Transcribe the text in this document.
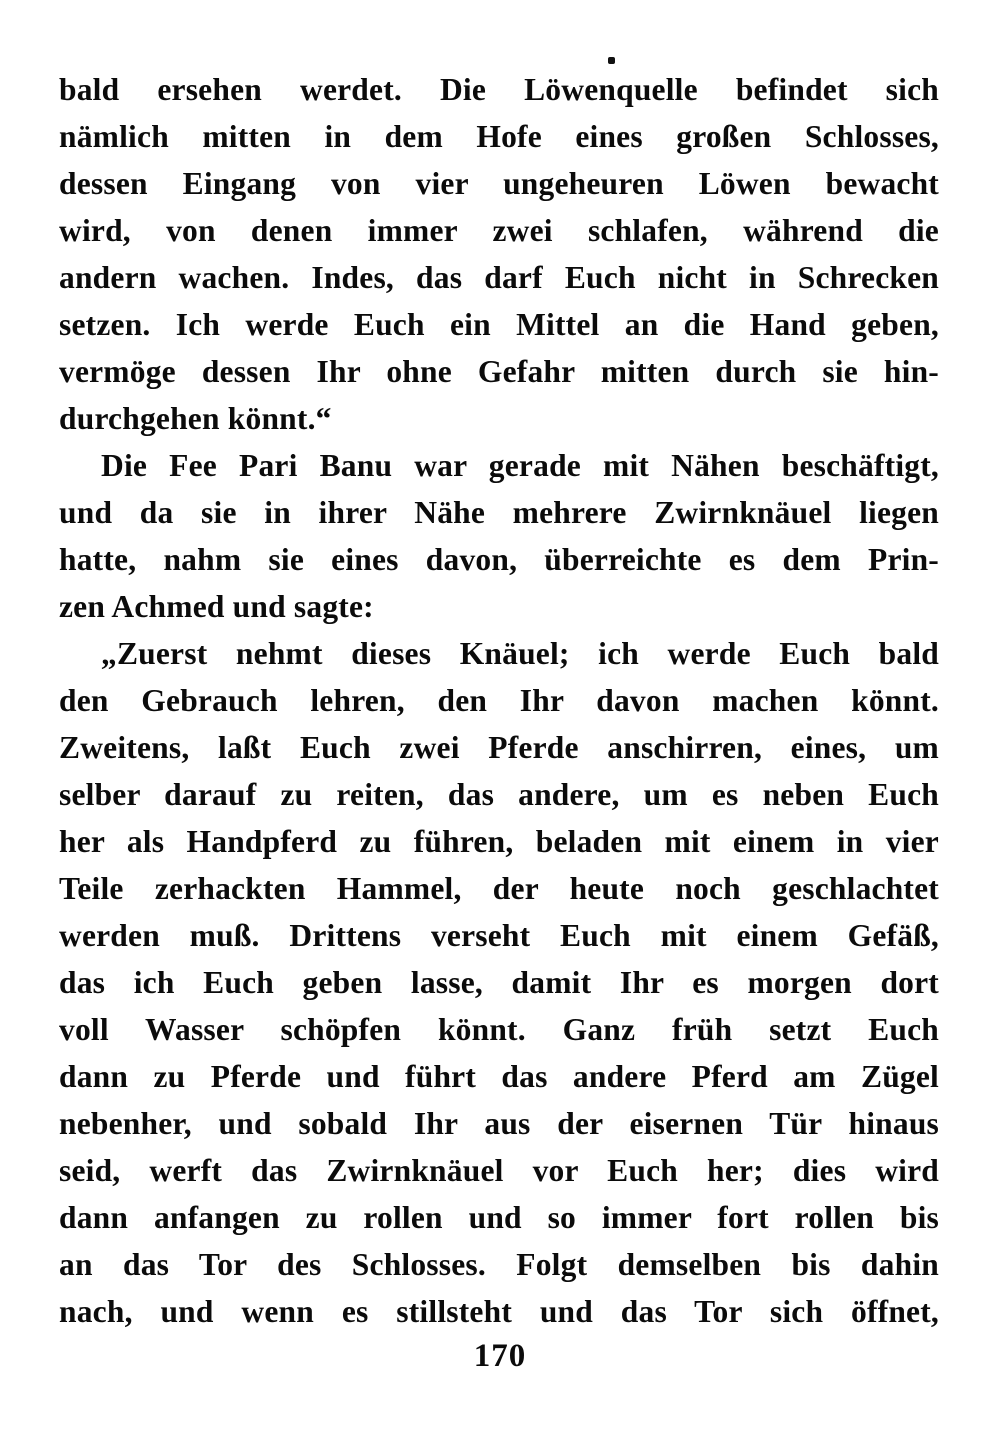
bald ersehen werdet. Die Löwenquelle befindet sich
nämlich mitten in dem Hofe eines großen Schlosses,
dessen Eingang von vier ungeheuren Löwen bewacht
wird, von denen immer zwei schlafen, während die
andern wachen. Indes, das darf Euch nicht in Schrecken
setzen. Ich werde Euch ein Mittel an die Hand geben,
vermöge dessen Ihr ohne Gefahr mitten durch sie hin-
durchgehen könnt.“
Die Fee Pari Banu war gerade mit Nähen beschäftigt,
und da sie in ihrer Nähe mehrere Zwirnknäuel liegen
hatte, nahm sie eines davon, überreichte es dem Prin-
zen Achmed und sagte:
„Zuerst nehmt dieses Knäuel; ich werde Euch bald
den Gebrauch lehren, den Ihr davon machen könnt.
Zweitens, laßt Euch zwei Pferde anschirren, eines, um
selber darauf zu reiten, das andere, um es neben Euch
her als Handpferd zu führen, beladen mit einem in vier
Teile zerhackten Hammel, der heute noch geschlachtet
werden muß. Drittens verseht Euch mit einem Gefäß,
das ich Euch geben lasse, damit Ihr es morgen dort
voll Wasser schöpfen könnt. Ganz früh setzt Euch
dann zu Pferde und führt das andere Pferd am Zügel
nebenher, und sobald Ihr aus der eisernen Tür hinaus
seid, werft das Zwirnknäuel vor Euch her; dies wird
dann anfangen zu rollen und so immer fort rollen bis
an das Tor des Schlosses. Folgt demselben bis dahin
nach, und wenn es stillsteht und das Tor sich öffnet,
170
